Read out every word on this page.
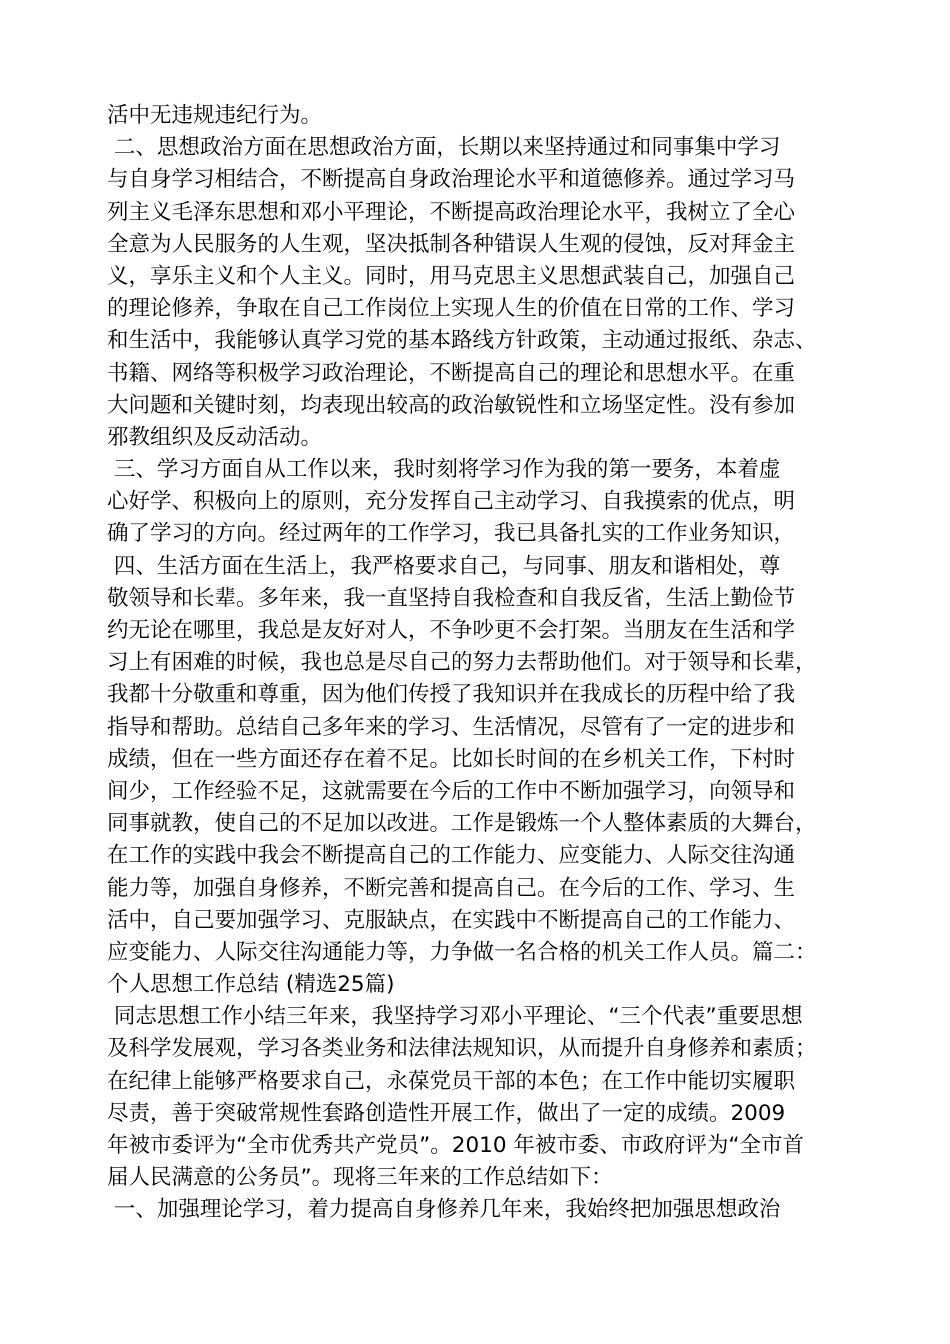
活中无违规违纪行为。
二、思想政治方面在思想政治方面，长期以来坚持通过和同事集中学习
与自身学习相结合，不断提高自身政治理论水平和道德修养。通过学习马
列主义毛泽东思想和邓小平理论，不断提高政治理论水平，我树立了全心
全意为人民服务的人生观，坚决抵制各种错误人生观的侵蚀，反对拜金主
义，享乐主义和个人主义。同时，用马克思主义思想武装自己，加强自己
的理论修养，争取在自己工作岗位上实现人生的价值在日常的工作、学习
和生活中，我能够认真学习党的基本路线方针政策，主动通过报纸、杂志、
书籍、网络等积极学习政治理论，不断提高自己的理论和思想水平。在重
大问题和关键时刻，均表现出较高的政治敏锐性和立场坚定性。没有参加
邪教组织及反动活动。
三、学习方面自从工作以来，我时刻将学习作为我的第一要务，本着虚
心好学、积极向上的原则，充分发挥自己主动学习、自我摸索的优点，明
确了学习的方向。经过两年的工作学习，我已具备扎实的工作业务知识，
四、生活方面在生活上，我严格要求自己，与同事、朋友和谐相处，尊
敬领导和长辈。多年来，我一直坚持自我检查和自我反省，生活上勤俭节
约无论在哪里，我总是友好对人，不争吵更不会打架。当朋友在生活和学
习上有困难的时候，我也总是尽自己的努力去帮助他们。对于领导和长辈，
我都十分敬重和尊重，因为他们传授了我知识并在我成长的历程中给了我
指导和帮助。总结自己多年来的学习、生活情况，尽管有了一定的进步和
成绩，但在一些方面还存在着不足。比如长时间的在乡机关工作，下村时
间少，工作经验不足，这就需要在今后的工作中不断加强学习，向领导和
同事就教，使自己的不足加以改进。工作是锻炼一个人整体素质的大舞台，
在工作的实践中我会不断提高自己的工作能力、应变能力、人际交往沟通
能力等，加强自身修养，不断完善和提高自己。在今后的工作、学习、生
活中，自己要加强学习、克服缺点，在实践中不断提高自己的工作能力、
应变能力、人际交往沟通能力等，力争做一名合格的机关工作人员。篇二：
个人思想工作总结 (精选25篇)
同志思想工作小结三年来，我坚持学习邓小平理论、“三个代表”重要思想
及科学发展观，学习各类业务和法律法规知识，从而提升自身修养和素质；
在纪律上能够严格要求自己，永葆党员干部的本色；在工作中能切实履职
尽责，善于突破常规性套路创造性开展工作，做出了一定的成绩。2009
年被市委评为“全市优秀共产党员”。2010 年被市委、市政府评为“全市首
届人民满意的公务员”。现将三年来的工作总结如下：
一、加强理论学习，着力提高自身修养几年来，我始终把加强思想政治
